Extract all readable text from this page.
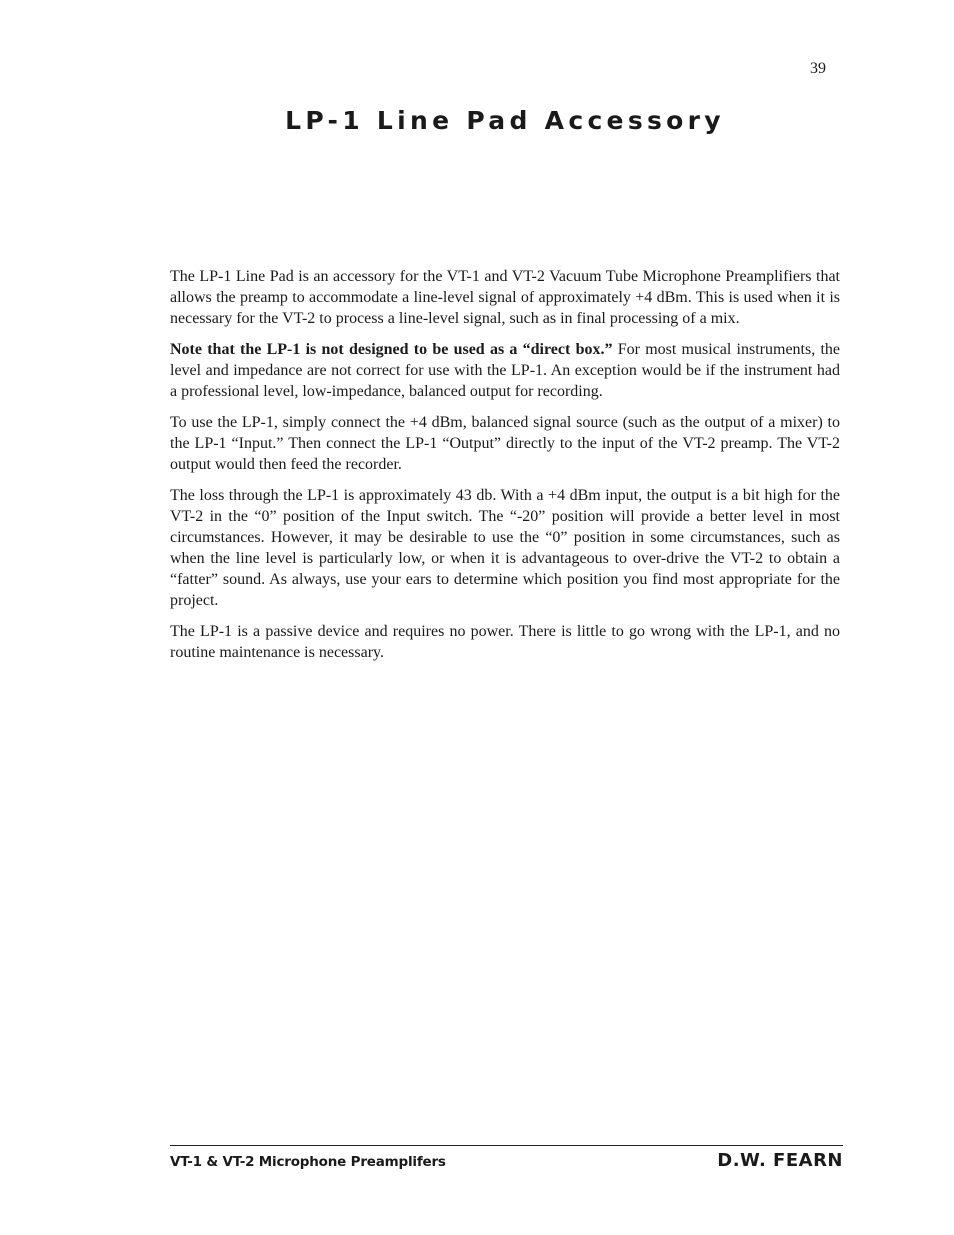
39
LP-1 Line Pad Accessory

The LP-1 Line Pad is an accessory for the VT-1 and VT-2 Vacuum Tube Microphone Preamplifiers that allows the preamp to accommodate a line-level signal of approximately +4 dBm. This is used when it is necessary for the VT-2 to process a line-level signal, such as in final processing of a mix.

Note that the LP-1 is not designed to be used as a “direct box.” For most musical instruments, the level and impedance are not correct for use with the LP-1. An exception would be if the instrument had a professional level, low-impedance, balanced output for recording.

To use the LP-1, simply connect the +4 dBm, balanced signal source (such as the output of a mixer) to the LP-1 “Input.” Then connect the LP-1 “Output” directly to the input of the VT-2 preamp. The VT-2 output would then feed the recorder.

The loss through the LP-1 is approximately 43 db. With a +4 dBm input, the output is a bit high for the VT-2 in the “0” position of the Input switch. The “-20” position will provide a better level in most circumstances. However, it may be desirable to use the “0” position in some circumstances, such as when the line level is particularly low, or when it is advantageous to over-drive the VT-2 to obtain a “fatter” sound. As always, use your ears to determine which position you find most appropriate for the project.

The LP-1 is a passive device and requires no power. There is little to go wrong with the LP-1, and no routine maintenance is necessary.

VT-1 & VT-2 Microphone Preamplifers	D.W. FEARN
